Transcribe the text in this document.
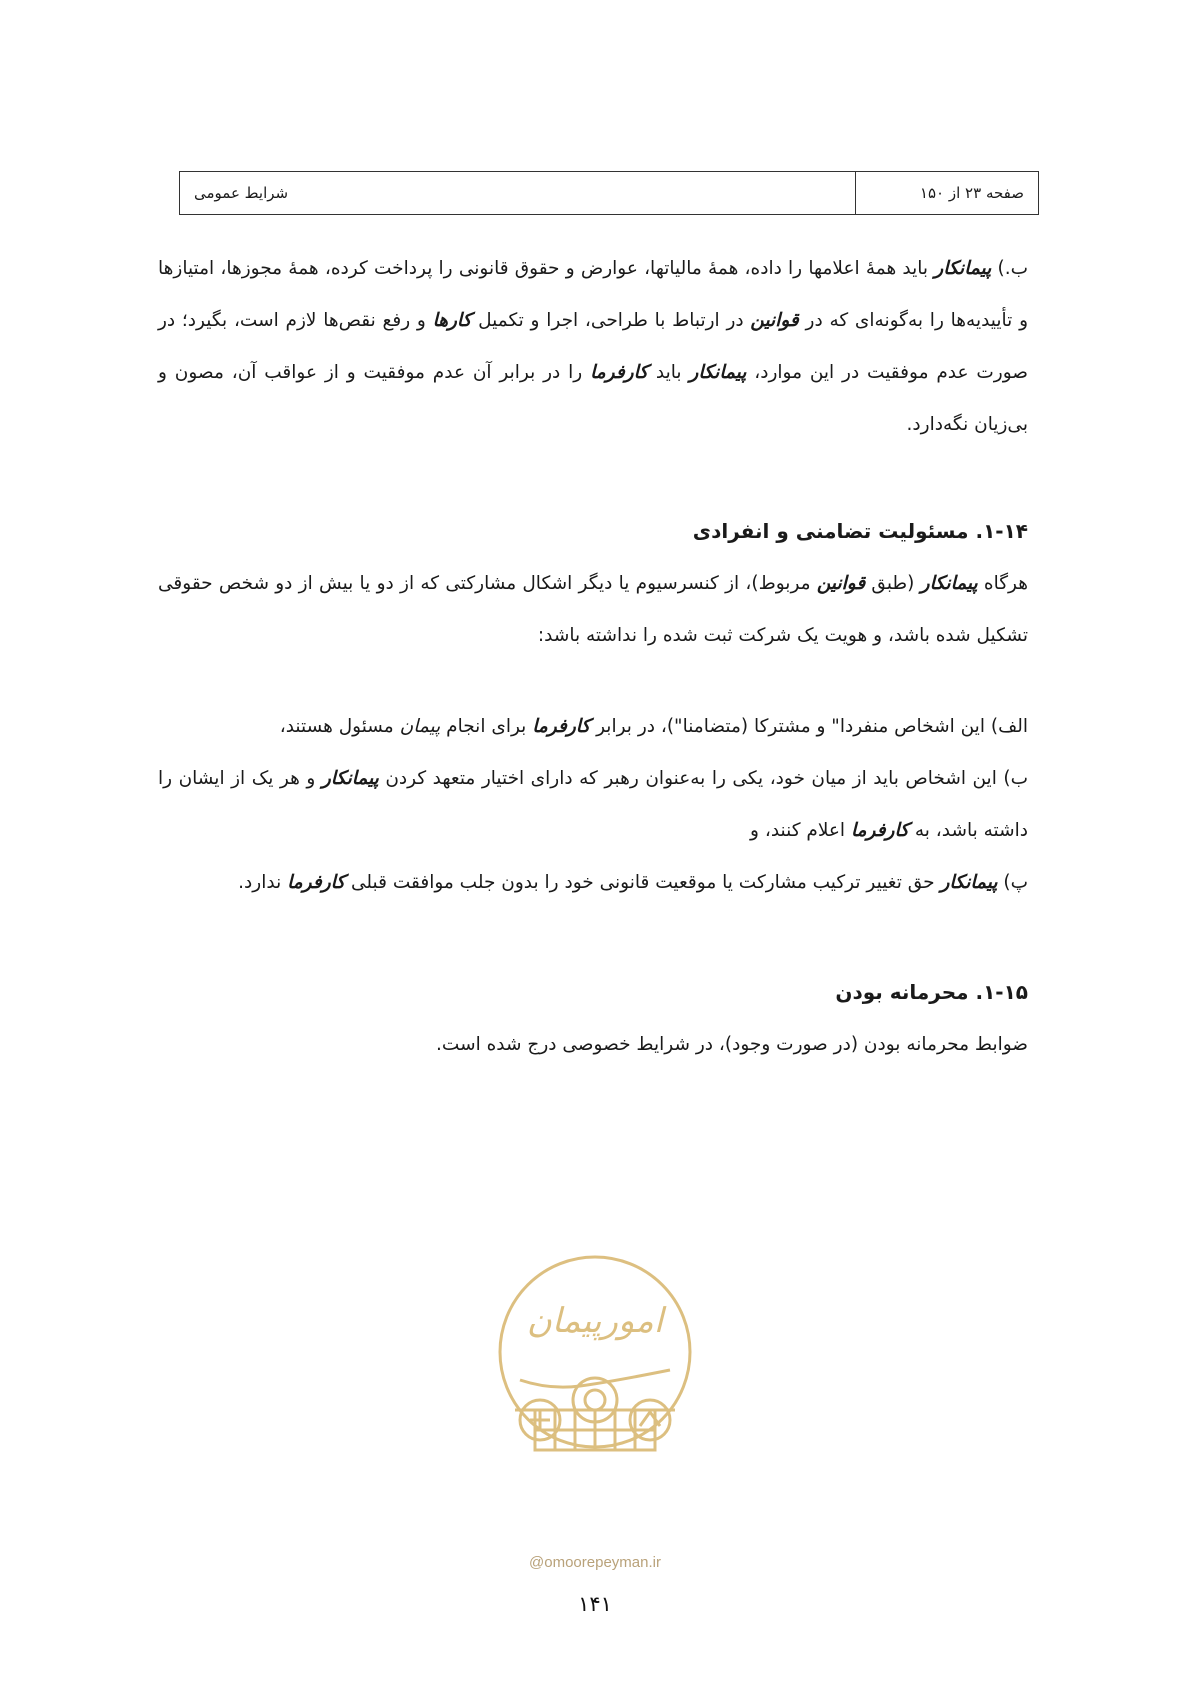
صفحه ۲۳ از ۱۵۰
شرایط عمومی

ب.) پیمانکار باید همهٔ اعلامها را داده، همهٔ مالیاتها، عوارض و حقوق قانونی را پرداخت کرده، همهٔ مجوزها، امتیازها و تأییدیه‌ها را به‌گونه‌ای که در قوانین در ارتباط با طراحی، اجرا و تکمیل کارها و رفع نقص‌ها لازم است، بگیرد؛ در صورت عدم موفقیت در این موارد، پیمانکار باید کارفرما را در برابر آن عدم موفقیت و از عواقب آن، مصون و بی‌زیان نگه‌دارد.

۱-۱۴. مسئولیت تضامنی و انفرادی

هرگاه پیمانکار (طبق قوانین مربوط)، از کنسرسیوم یا دیگر اشکال مشارکتی که از دو یا بیش از دو شخص حقوقی تشکیل شده باشد، و هویت یک شرکت ثبت شده را نداشته باشد:

الف) این اشخاص منفردا" و مشترکا (متضامنا")، در برابر کارفرما برای انجام پیمان مسئول هستند،

ب) این اشخاص باید از میان خود، یکی را به‌عنوان رهبر که دارای اختیار متعهد کردن پیمانکار و هر یک از ایشان را داشته باشد، به کارفرما اعلام کنند، و

پ) پیمانکار حق تغییر ترکیب مشارکت یا موقعیت قانونی خود را بدون جلب موافقت قبلی کارفرما ندارد.

۱-۱۵. محرمانه بودن
ضوابط محرمانه بودن (در صورت وجود)، در شرایط خصوصی درج شده است.
امورپیمان
@omoorepeyman.ir
۱۴۱
